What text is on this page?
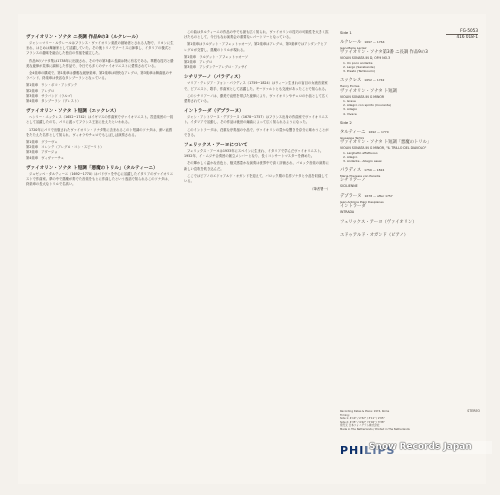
FG-5053
416 018-1
ヴァイオリン・ソナタ ニ長調 作品9の3（ルクレール）

ジャン＝マリー・ルクレールはフランス・ヴァイオリン楽派の創始者とされる人物で、リヨンに生まれ、はじめは舞踊家として活躍していた。その後トリノでソーミスに師事し、イタリアの様式とフランスの趣味を融合した独自の作風を確立した。

作品9のソナタ集は1738年に出版され、その中の第3番ニ長調は特に有名である。華麗な技巧と優美な旋律が見事に調和した作品で、今日でも多くのヴァイオリニストに愛奏されている。

全4楽章の構成で、第1楽章は優雅な緩徐楽章、第2楽章は明快なアレグロ、第3楽章は舞曲風のサラバンド、終楽章は快活なタンブーランとなっている。

第1楽章　ウン・ポコ・アンダンテ
第2楽章　アレグロ
第3楽章　サラバンド（ラルゴ）
第4楽章　タンブーラン（プレスト）
ヴァイオリン・ソナタ ト短調（エックレス）

ヘンリー・エックレス（1652−1742）はイギリスの作曲家でヴァイオリニスト。宮廷楽団の一員として活躍したのち、パリに渡ってフランス王室に仕えたといわれる。

1720年にパリで出版されたヴァイオリン・ソナタ集に含まれるこのト短調のソナタは、深い哀感をたたえた名作として知られ、ヴィオラやチェロでもしばしば演奏される。

第1楽章　グラーヴェ
第2楽章　コレンテ（アレグロ・コン・スピーリト）
第3楽章　アダージョ
第4楽章　ヴィヴァーチェ
ヴァイオリン・ソナタ ト短調「悪魔のトリル」（タルティーニ）

ジュゼッペ・タルティーニ（1692−1770）はパドヴァを中心に活躍したイタリアのヴァイオリニストで作曲家。夢の中で悪魔が奏でた音楽をもとに作曲したという逸話で知られるこのソナタは、終楽章の長大なトリルで名高い。

この曲はタルティーニの作品の中でも最も広く知られ、ヴァイオリンの技巧の可能性を大きく拡げたものとして、今日もなお演奏会の重要なレパートリーとなっている。

第1楽章はラルゲット・アフェットゥオーソ、第2楽章はアレグロ、第3楽章ではアンダンテとアレグロが交替し、悪魔のトリルが現れる。

第1楽章　ラルゲット・アフェットゥオーソ
第2楽章　アレグロ
第3楽章　アンダンテ−アレグロ・アッサイ
シチリアーノ（パラディス）

マリア・テレジア・フォン・パラディス（1759−1824）はウィーン生まれの盲目の女流音楽家で、ピアニスト、歌手、作曲家として活躍した。モーツァルトとも交流があったことで知られる。

このシチリアーノは、優美で哀愁を帯びた旋律により、ヴァイオリンやチェロの小品として広く愛奏されている。

イントラーダ（デプラーヌ）

ジャン・アントワーヌ・デプラーヌ（1678−1757）はフランス出身の作曲家でヴァイオリニスト。イタリアで活動し、その作品は後世の編曲によって広く知られるようになった。

このイントラーダは、荘重な序奏風の小品で、ヴァイオリンの豊かな響きを存分に味わうことができる。

フェリックス・アーヨについて

フェリックス・アーヨは1933年にスペインに生まれ、イタリアで学んだヴァイオリニスト。1952年、イ・ムジチ合奏団の創立メンバーとなり、長くコンサートマスターを務めた。

その輝かしく温かな音色と、様式感豊かな演奏は世界中で高く評価され、バロック音楽の演奏に新しい息吹を吹き込んだ。

ここではピアノのエドゥアルド・オガンドを迎えて、バロック期の名作ソナタと小品を収録している。

（筆者署一）
Side 1
ルクレール 1697 — 1764
Jean-Marie Leclair
ヴァイオリン・ソナタ第3番 ニ長調 作品9の3
VIOLIN SONATA IN D, OP.9 NO.3
1. Un poco andante
2. Largo (Sarabande)
3. Presto (Tambourin)
エックレス 1652 — 1742
Henry Eccles
ヴァイオリン・ソナタ ト短調
VIOLIN SONATA IN G MINOR
1. Grave
2. Allegro con spirito (Courante)
3. Adagio
4. Vivace
Side 2
タルティーニ 1692 — 1770
Giuseppe Tartini
ヴァイオリン・ソナタ ト短調「悪魔のトリル」
VIOLIN SONATA IN G MINOR, "IL TRILLO DEL DIAVOLO"
1. Larghetto affettuoso
2. Allegro
3. Andante - Allegro assai
パラディス 1759 — 1824
Maria-Theresia von Paradis
シチリアーノ
SICILIENNE
デプラーヌ 1678 — after 1757
Jean Antoine Piani Desplanes
イントラーダ
INTRADA
フェリックス・アーヨ（ヴァイオリン）
エドゥアルド・オガンド（ピアノ）
Recording Dates & Place: 1974, Rome	STEREO
Timing:
Side 1: 4'10" / 2'32" / 3'11" / 2'05"
Side 2: 4'35" / 4'42" / 5'02" / 3'38"
発売元 日本フォノグラム株式会社
Made in The Netherlands / Printed in The Netherlands
PHILIPS
Snow Records Japan
